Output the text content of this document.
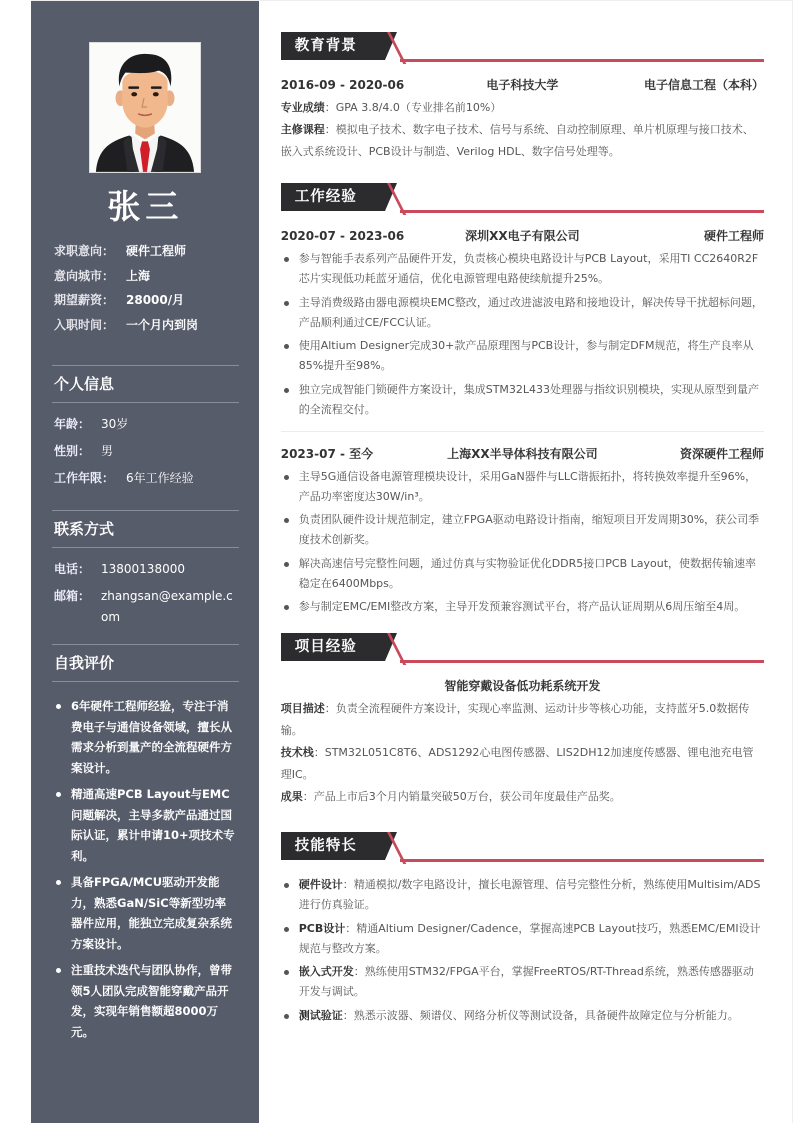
张三
求职意向： 硬件工程师
意向城市： 上海
期望薪资： 28000/月
入职时间： 一个月内到岗
个人信息
年龄： 30岁
性别： 男
工作年限： 6年工作经验
联系方式
电话： 13800138000
邮箱： zhangsan@example.com
自我评价
6年硬件工程师经验，专注于消费电子与通信设备领域，擅长从需求分析到量产的全流程硬件方案设计。
精通高速PCB Layout与EMC问题解决，主导多款产品通过国际认证，累计申请10+项技术专利。
具备FPGA/MCU驱动开发能力，熟悉GaN/SiC等新型功率器件应用，能独立完成复杂系统方案设计。
注重技术迭代与团队协作，曾带领5人团队完成智能穿戴产品开发，实现年销售额超8000万元。
教育背景
2016-09 - 2020-06	电子科技大学	电子信息工程（本科）

专业成绩：GPA 3.8/4.0（专业排名前10%）

主修课程：模拟电子技术、数字电子技术、信号与系统、自动控制原理、单片机原理与接口技术、嵌入式系统设计、PCB设计与制造、Verilog HDL、数字信号处理等。

工作经验
2020-07 - 2023-06	深圳XX电子有限公司	硬件工程师
参与智能手表系列产品硬件开发，负责核心模块电路设计与PCB Layout，采用TI CC2640R2F芯片实现低功耗蓝牙通信，优化电源管理电路使续航提升25%。
主导消费级路由器电源模块EMC整改，通过改进滤波电路和接地设计，解决传导干扰超标问题，产品顺利通过CE/FCC认证。
使用Altium Designer完成30+款产品原理图与PCB设计，参与制定DFM规范，将生产良率从85%提升至98%。
独立完成智能门锁硬件方案设计，集成STM32L433处理器与指纹识别模块，实现从原型到量产的全流程交付。
2023-07 - 至今	上海XX半导体科技有限公司	资深硬件工程师
主导5G通信设备电源管理模块设计，采用GaN器件与LLC谐振拓扑，将转换效率提升至96%，产品功率密度达30W/in³。
负责团队硬件设计规范制定，建立FPGA驱动电路设计指南，缩短项目开发周期30%，获公司季度技术创新奖。
解决高速信号完整性问题，通过仿真与实物验证优化DDR5接口PCB Layout，使数据传输速率稳定在6400Mbps。
参与制定EMC/EMI整改方案，主导开发预兼容测试平台，将产品认证周期从6周压缩至4周。
项目经验
智能穿戴设备低功耗系统开发

项目描述：负责全流程硬件方案设计，实现心率监测、运动计步等核心功能，支持蓝牙5.0数据传输。

技术栈：STM32L051C8T6、ADS1292心电图传感器、LIS2DH12加速度传感器、锂电池充电管理IC。

成果：产品上市后3个月内销量突破50万台，获公司年度最佳产品奖。

技能特长
硬件设计：精通模拟/数字电路设计，擅长电源管理、信号完整性分析，熟练使用Multisim/ADS进行仿真验证。
PCB设计：精通Altium Designer/Cadence，掌握高速PCB Layout技巧，熟悉EMC/EMI设计规范与整改方案。
嵌入式开发：熟练使用STM32/FPGA平台，掌握FreeRTOS/RT-Thread系统，熟悉传感器驱动开发与调试。
测试验证：熟悉示波器、频谱仪、网络分析仪等测试设备，具备硬件故障定位与分析能力。
